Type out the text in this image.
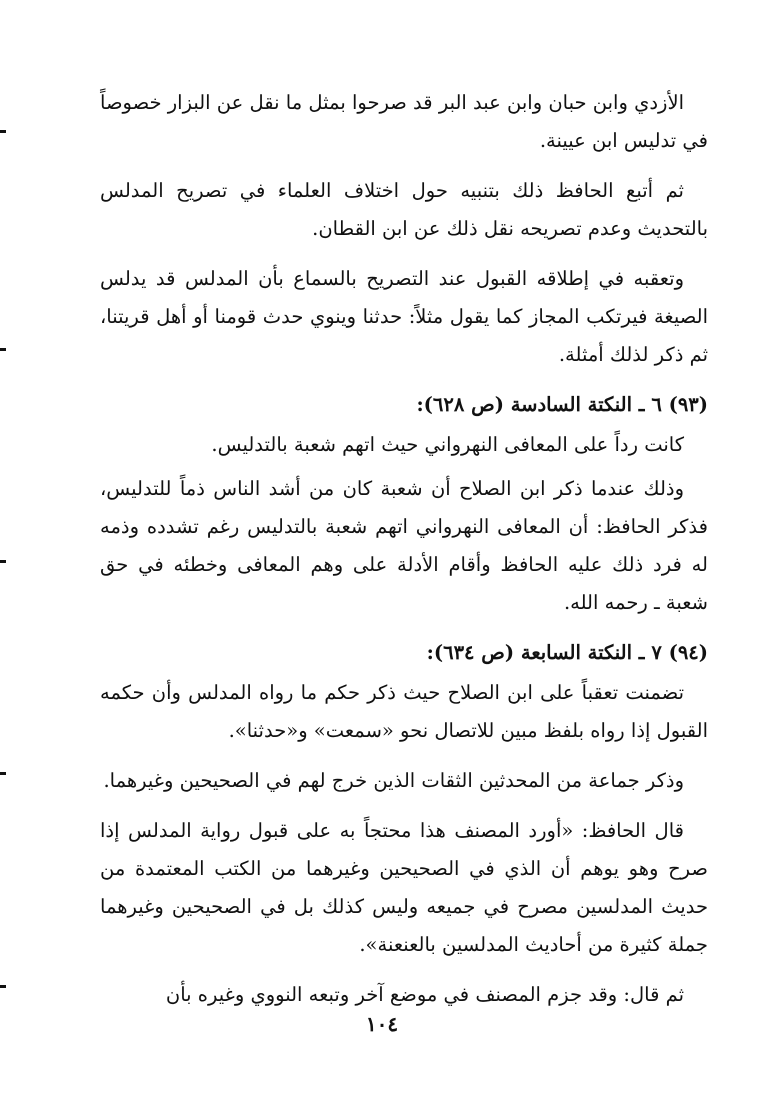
الأزدي وابن حبان وابن عبد البر قد صرحوا بمثل ما نقل عن البزار خصوصاً في تدليس ابن عيينة.

ثم أتبع الحافظ ذلك بتنبيه حول اختلاف العلماء في تصريح المدلس بالتحديث وعدم تصريحه نقل ذلك عن ابن القطان.

وتعقبه في إطلاقه القبول عند التصريح بالسماع بأن المدلس قد يدلس الصيغة فيرتكب المجاز كما يقول مثلاً: حدثنا وينوي حدث قومنا أو أهل قريتنا، ثم ذكر لذلك أمثلة.

(٩٣) ٦ ـ النكتة السادسة (ص ٦٢٨):

كانت رداً على المعافى النهرواني حيث اتهم شعبة بالتدليس.

وذلك عندما ذكر ابن الصلاح أن شعبة كان من أشد الناس ذماً للتدليس، فذكر الحافظ: أن المعافى النهرواني اتهم شعبة بالتدليس رغم تشدده وذمه له فرد ذلك عليه الحافظ وأقام الأدلة على وهم المعافى وخطئه في حق شعبة ـ رحمه الله.

(٩٤) ٧ ـ النكتة السابعة (ص ٦٣٤):

تضمنت تعقباً على ابن الصلاح حيث ذكر حكم ما رواه المدلس وأن حكمه القبول إذا رواه بلفظ مبين للاتصال نحو «سمعت» و«حدثنا».

وذكر جماعة من المحدثين الثقات الذين خرج لهم في الصحيحين وغيرهما.

قال الحافظ: «أورد المصنف هذا محتجاً به على قبول رواية المدلس إذا صرح وهو يوهم أن الذي في الصحيحين وغيرهما من الكتب المعتمدة من حديث المدلسين مصرح في جميعه وليس كذلك بل في الصحيحين وغيرهما جملة كثيرة من أحاديث المدلسين بالعنعنة».

ثم قال: وقد جزم المصنف في موضع آخر وتبعه النووي وغيره بأن

١٠٤
